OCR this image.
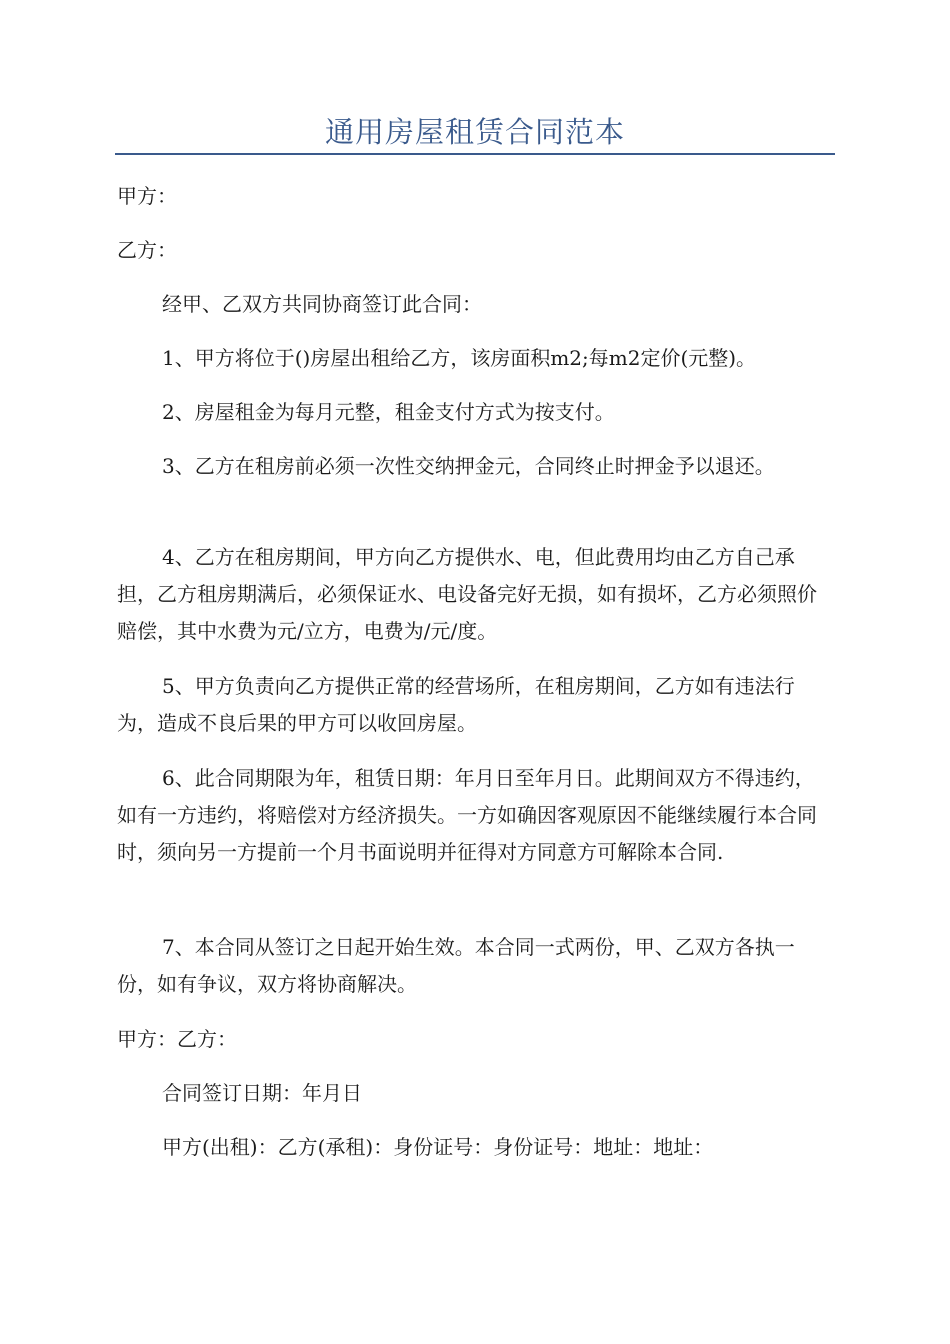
通用房屋租赁合同范本

甲方：

乙方：

经甲、乙双方共同协商签订此合同：

1、甲方将位于()房屋出租给乙方，该房面积m2;每m2定价(元整)。

2、房屋租金为每月元整，租金支付方式为按支付。

3、乙方在租房前必须一次性交纳押金元，合同终止时押金予以退还。

4、乙方在租房期间，甲方向乙方提供水、电，但此费用均由乙方自己承担，乙方租房期满后，必须保证水、电设备完好无损，如有损坏，乙方必须照价赔偿，其中水费为元/立方，电费为/元/度。

5、甲方负责向乙方提供正常的经营场所，在租房期间，乙方如有违法行为，造成不良后果的甲方可以收回房屋。

6、此合同期限为年，租赁日期：年月日至年月日。此期间双方不得违约，如有一方违约，将赔偿对方经济损失。一方如确因客观原因不能继续履行本合同时，须向另一方提前一个月书面说明并征得对方同意方可解除本合同.

7、本合同从签订之日起开始生效。本合同一式两份，甲、乙双方各执一份，如有争议，双方将协商解决。

甲方：乙方：

合同签订日期：年月日

甲方(出租)：乙方(承租)：身份证号：身份证号：地址：地址：
